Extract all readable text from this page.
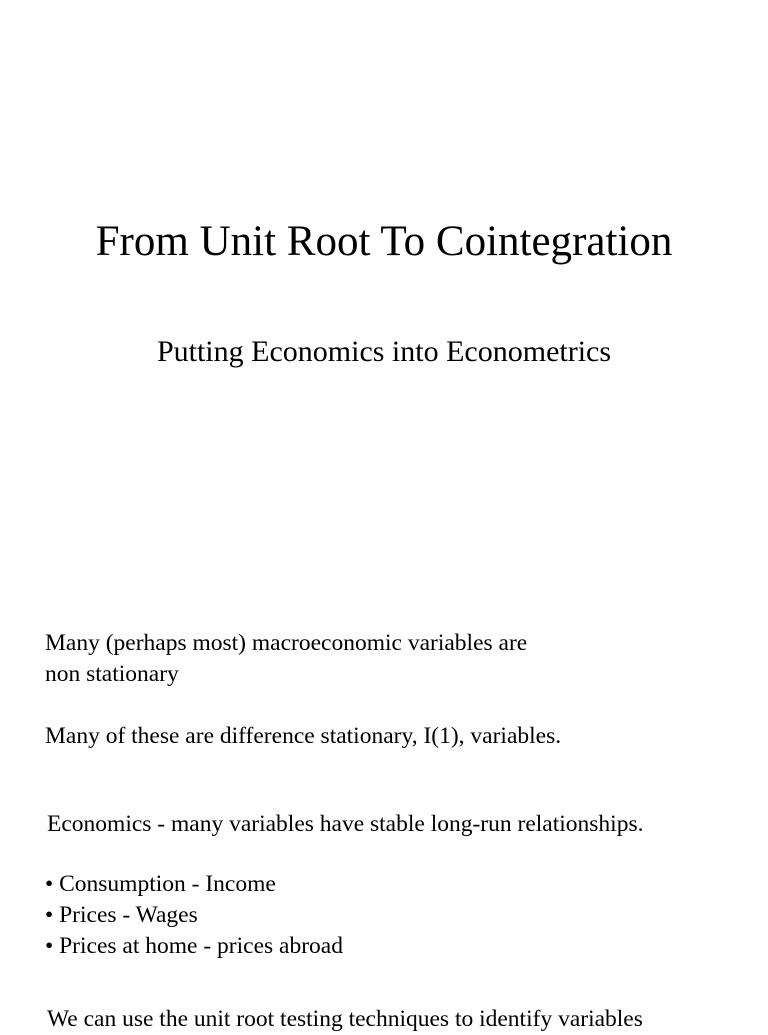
From Unit Root To Cointegration
Putting Economics into Econometrics
Many (perhaps most) macroeconomic variables are
non stationary
Many of these are difference stationary, I(1), variables.
Economics - many variables have stable long-run relationships.
• Consumption - Income
• Prices - Wages
• Prices at home - prices abroad
We can use the unit root testing techniques to identify variables
